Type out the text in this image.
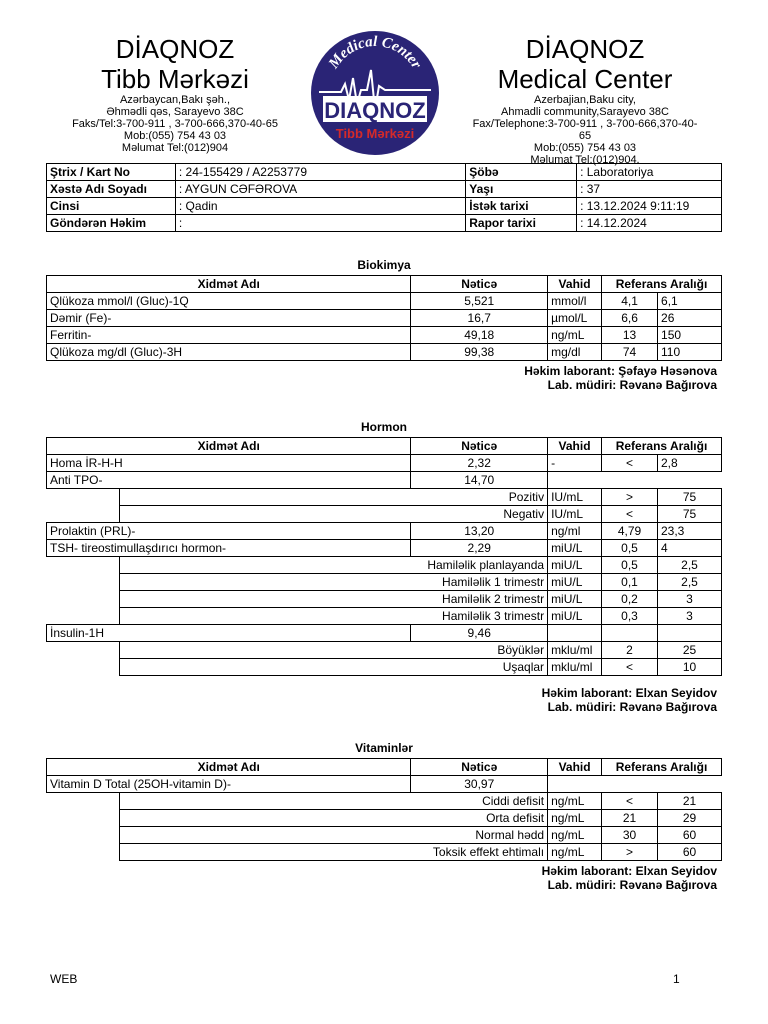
DİAQNOZ
Tibb Mərkəzi
Azərbaycan,Bakı şəh.,
Əhmədli qəs, Sarayevo 38C
Faks/Tel:3-700-911 , 3-700-666,370-40-65
Mob:(055) 754 43 03
Məlumat Tel:(012)904
Medical Center
DIAQNOZ
Tibb Mərkəzi
DİAQNOZ
Medical Center
Azerbajian,Baku city,
Ahmadli community,Sarayevo 38C
Fax/Telephone:3-700-911 , 3-700-666,370-40-65
Mob:(055) 754 43 03
Məlumat Tel:(012)904.
Ştrix / Kart No	: 24-155429 / A2253779	Şöbə	: Laboratoriya
Xəstə Adı Soyadı	: AYGUN CƏFƏROVA	Yaşı	: 37
Cinsi	: Qadin	İstək tarixi	: 13.12.2024 9:11:19
Göndərən Həkim	:	Rapor tarixi	: 14.12.2024
Biokimya
Xidmət Adı	Nəticə	Vahid	Referans Aralığı	
Qlükoza mmol/l (Gluc)-1Q	5,521	mmol/l	4,1	6,1
Dəmir (Fe)-	16,7	µmol/L	6,6	26
Ferritin-	49,18	ng/mL	13	150
Qlükoza mg/dl (Gluc)-3H	99,38	mg/dl	74	110
Həkim laborant: Şəfayə Həsənova
Lab. müdiri: Rəvanə Bağırova
Hormon
Xidmət Adı		Nəticə	Vahid	Referans Aralığı	
Homa İR-H-H		2,32	-	<	2,8
Anti TPO-		14,70			
	Pozitiv		IU/mL	>	75
	Negativ		IU/mL	<	75
Prolaktin (PRL)-		13,20	ng/ml	4,79	23,3
TSH- tireostimullaşdırıcı hormon-		2,29	miU/L	0,5	4
	Hamiləlik planlayanda		miU/L	0,5	2,5
	Hamiləlik 1 trimestr		miU/L	0,1	2,5
	Hamiləlik 2 trimestr		miU/L	0,2	3
	Hamiləlik 3 trimestr		miU/L	0,3	3
İnsulin-1H		9,46			
	Böyüklər		mklu/ml	2	25
	Uşaqlar		mklu/ml	<	10
Həkim laborant: Elxan Seyidov
Lab. müdiri: Rəvanə Bağırova
Vitaminlər
Xidmət Adı		Nəticə	Vahid	Referans Aralığı	
Vitamin D Total (25OH-vitamin D)-		30,97			
	Ciddi defisit		ng/mL	<	21
	Orta defisit		ng/mL	21	29
	Normal hədd		ng/mL	30	60
	Toksik effekt ehtimalı		ng/mL	>	60
Həkim laborant: Elxan Seyidov
Lab. müdiri: Rəvanə Bağırova
WEB	1
